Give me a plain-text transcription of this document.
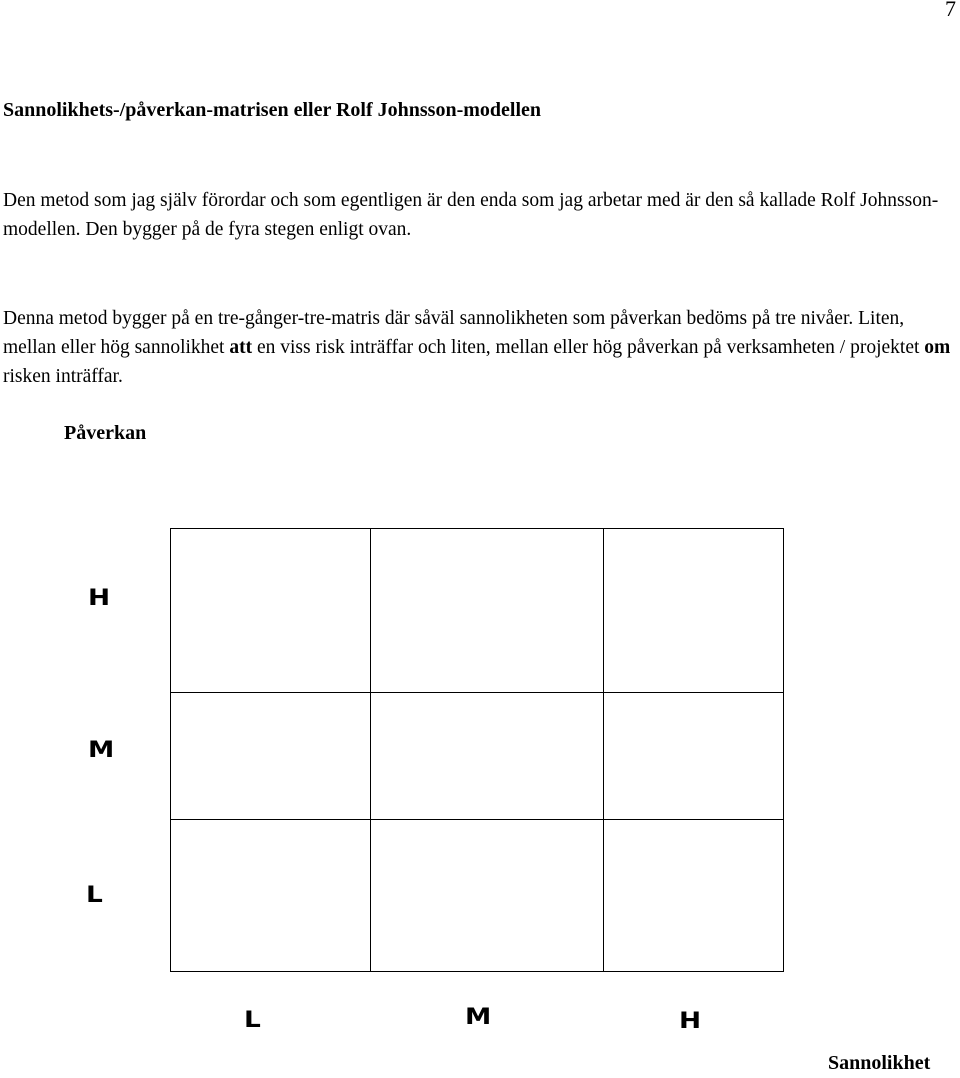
7
Sannolikhets-/påverkan-matrisen eller Rolf Johnsson-modellen

Den metod som jag själv förordar och som egentligen är den enda som jag arbetar med är den så kallade Rolf Johnsson-modellen. Den bygger på de fyra stegen enligt ovan.

Denna metod bygger på en tre-gånger-tre-matris där såväl sannolikheten som påverkan bedöms på tre nivåer. Liten, mellan eller hög sannolikhet att en viss risk inträffar och liten, mellan eller hög påverkan på verksamheten / projektet om risken inträffar.

Påverkan
H
M
L
L	M	H
Sannolikhet
